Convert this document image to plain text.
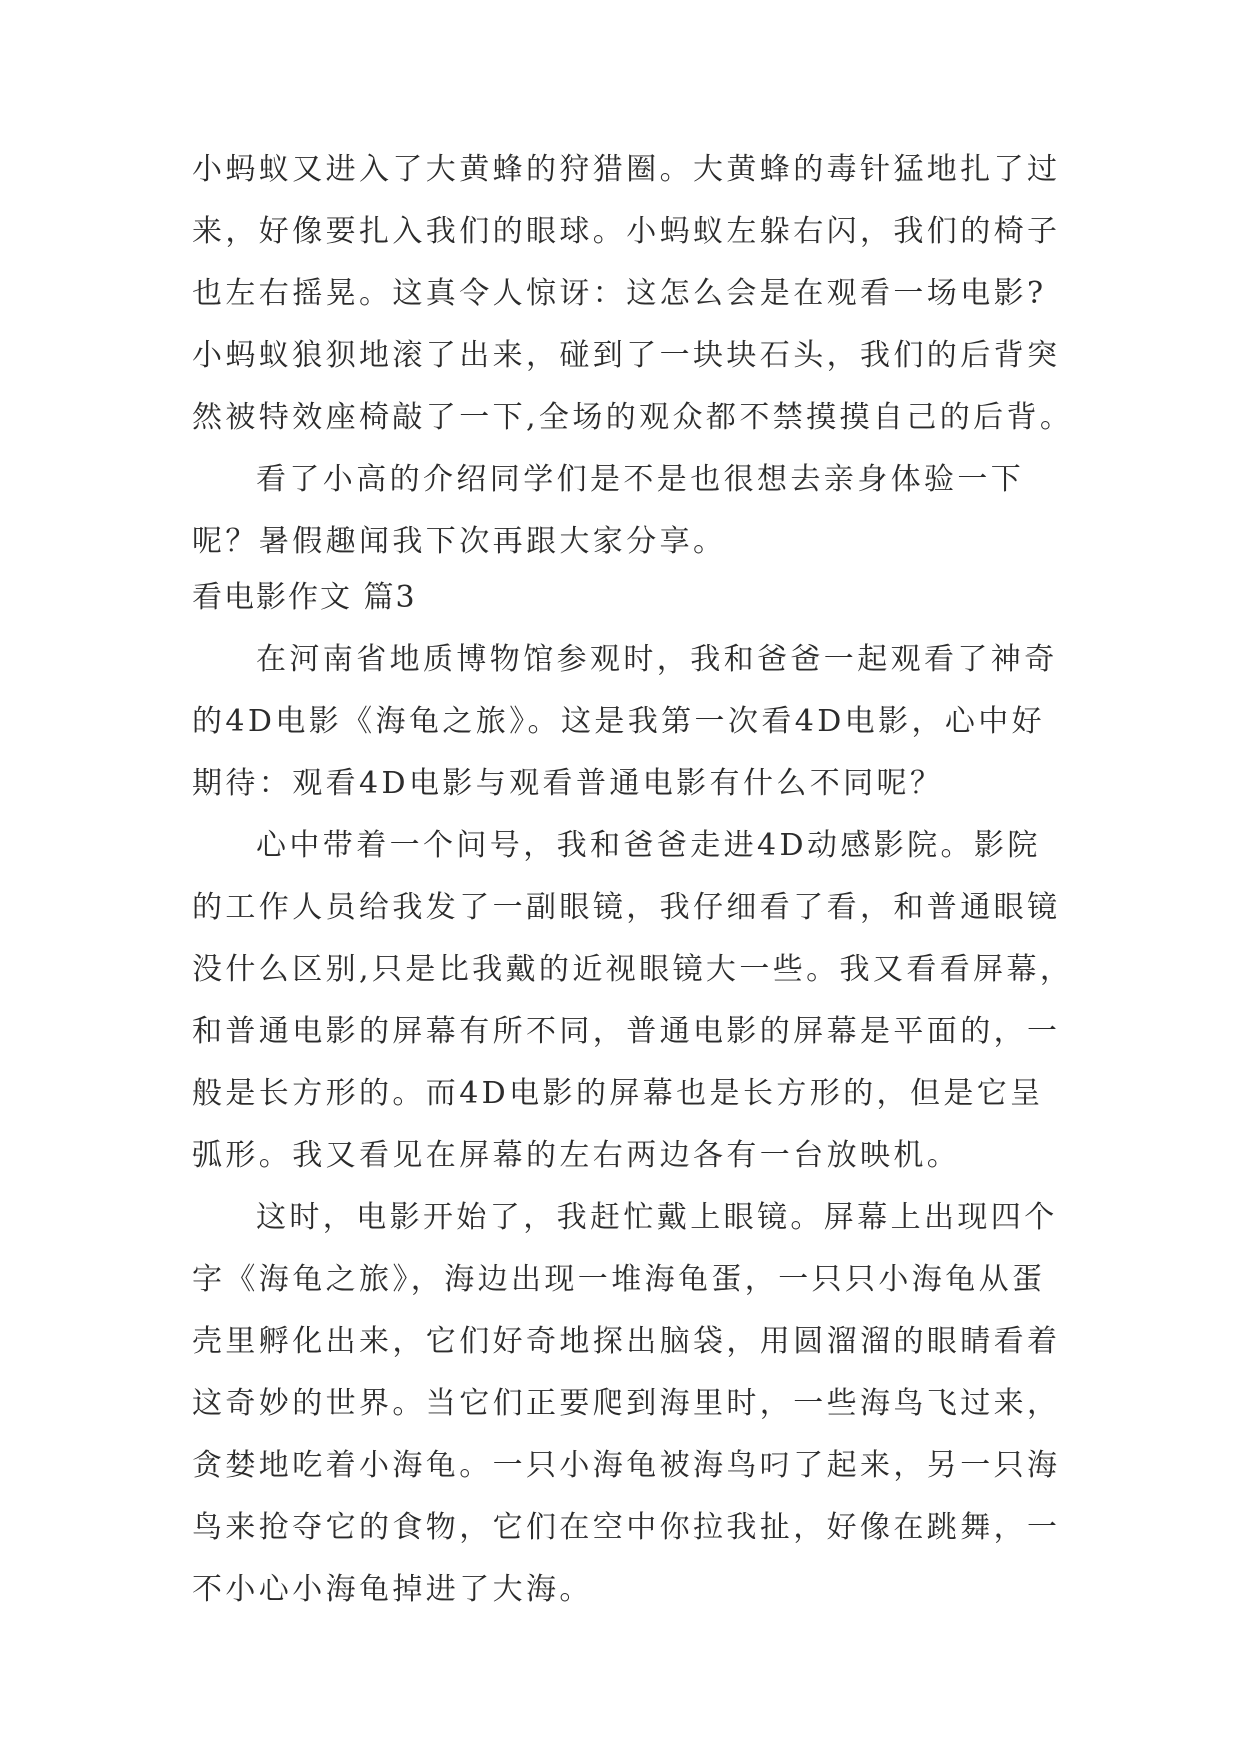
小蚂蚁又进入了大黄蜂的狩猎圈。大黄蜂的毒针猛地扎了过
来，好像要扎入我们的眼球。小蚂蚁左躲右闪，我们的椅子
也左右摇晃。这真令人惊讶：这怎么会是在观看一场电影?
小蚂蚁狼狈地滚了出来，碰到了一块块石头，我们的后背突
然被特效座椅敲了一下,全场的观众都不禁摸摸自己的后背。
看了小高的介绍同学们是不是也很想去亲身体验一下
呢？暑假趣闻我下次再跟大家分享。
看电影作文 篇3
在河南省地质博物馆参观时，我和爸爸一起观看了神奇
的4D电影《海龟之旅》。这是我第一次看4D电影，心中好
期待：观看4D电影与观看普通电影有什么不同呢？
心中带着一个问号，我和爸爸走进4D动感影院。影院
的工作人员给我发了一副眼镜，我仔细看了看，和普通眼镜
没什么区别,只是比我戴的近视眼镜大一些。我又看看屏幕，
和普通电影的屏幕有所不同，普通电影的屏幕是平面的，一
般是长方形的。而4D电影的屏幕也是长方形的，但是它呈
弧形。我又看见在屏幕的左右两边各有一台放映机。
这时，电影开始了，我赶忙戴上眼镜。屏幕上出现四个
字《海龟之旅》，海边出现一堆海龟蛋，一只只小海龟从蛋
壳里孵化出来，它们好奇地探出脑袋，用圆溜溜的眼睛看着
这奇妙的世界。当它们正要爬到海里时，一些海鸟飞过来，
贪婪地吃着小海龟。一只小海龟被海鸟叼了起来，另一只海
鸟来抢夺它的食物，它们在空中你拉我扯，好像在跳舞，一
不小心小海龟掉进了大海。
